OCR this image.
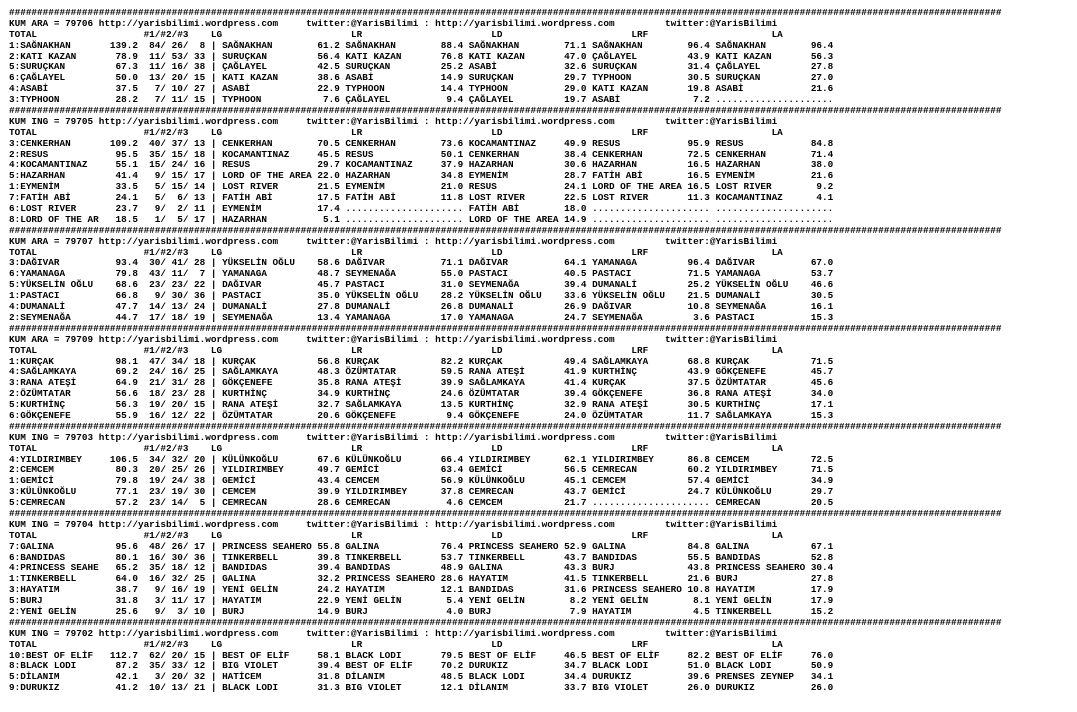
#################################################################################################################################################################################
KUM ARA = 79706 http://yarisbilimi.wordpress.com     twitter:@YarisBilimi : http://yarisbilimi.wordpress.com         twitter:@YarisBilimi
TOTAL                   #1/#2/#3    LG                       LR                       LD                       LRF                      LA
1:SAĞNAKHAN       139.2  84/ 26/  8 | SAĞNAKHAN        61.2 SAĞNAKHAN        88.4 SAĞNAKHAN        71.1 SAĞNAKHAN        96.4 SAĞNAKHAN        96.4
2:KATI KAZAN       78.9  11/ 53/ 33 | SURUÇKAN         56.4 KATI KAZAN       76.8 KATI KAZAN       47.0 ÇAĞLAYEL         43.9 KATI KAZAN       56.3
5:SURUÇKAN         67.3  11/ 16/ 38 | ÇAĞLAYEL         42.5 SURUÇKAN         25.2 ASABİ            32.6 SURUÇKAN         31.4 ÇAĞLAYEL         27.8
6:ÇAĞLAYEL         50.0  13/ 20/ 15 | KATI KAZAN       38.6 ASABİ            14.9 SURUÇKAN         29.7 TYPHOON          30.5 SURUÇKAN         27.0
4:ASABİ            37.5   7/ 10/ 27 | ASABİ            22.9 TYPHOON          14.4 TYPHOON          29.0 KATI KAZAN       19.8 ASABİ            21.6
3:TYPHOON          28.2   7/ 11/ 15 | TYPHOON           7.6 ÇAĞLAYEL          9.4 ÇAĞLAYEL         19.7 ASABİ             7.2 .....................
#################################################################################################################################################################################
KUM ING = 79705 http://yarisbilimi.wordpress.com     twitter:@YarisBilimi : http://yarisbilimi.wordpress.com         twitter:@YarisBilimi
TOTAL                   #1/#2/#3    LG                       LR                       LD                       LRF                      LA
3:CENKERHAN       109.2  40/ 37/ 13 | CENKERHAN        70.5 CENKERHAN        73.6 KOCAMANTINAZ     49.9 RESUS            95.9 RESUS            84.8
2:RESUS            95.5  35/ 15/ 18 | KOCAMANTINAZ     45.5 RESUS            50.1 CENKERHAN        38.4 CENKERHAN        72.5 CENKERHAN        71.4
4:KOCAMANTINAZ     55.1  15/ 24/ 16 | RESUS            29.7 KOCAMANTINAZ     37.9 HAZARHAN         30.6 HAZARHAN         16.5 HAZARHAN         38.0
5:HAZARHAN         41.4   9/ 15/ 17 | LORD OF THE AREA 22.0 HAZARHAN         34.8 EYMENİM          28.7 FATİH ABİ        16.5 EYMENİM          21.6
1:EYMENİM          33.5   5/ 15/ 14 | LOST RIVER       21.5 EYMENİM          21.0 RESUS            24.1 LORD OF THE AREA 16.5 LOST RIVER        9.2
7:FATİH ABİ        24.1   5/  6/ 13 | FATİH ABİ        17.5 FATİH ABİ        11.8 LOST RIVER       22.5 LOST RIVER       11.3 KOCAMANTINAZ      4.1
6:LOST RIVER       23.7   9/  2/ 11 | EYMENİM          17.4 ..................... FATİH ABİ        18.0 ..................... .....................
8:LORD OF THE AR   18.5   1/  5/ 17 | HAZARHAN          5.1 ..................... LORD OF THE AREA 14.9 ..................... .....................
#################################################################################################################################################################################
KUM ARA = 79707 http://yarisbilimi.wordpress.com     twitter:@YarisBilimi : http://yarisbilimi.wordpress.com         twitter:@YarisBilimi
TOTAL                   #1/#2/#3    LG                       LR                       LD                       LRF                      LA
3:DAĞIVAR          93.4  30/ 41/ 28 | YÜKSELİN OĞLU    58.6 DAĞIVAR          71.1 DAĞIVAR          64.1 YAMANAGA         96.4 DAĞIVAR          67.0
6:YAMANAGA         79.8  43/ 11/  7 | YAMANAGA         48.7 SEYMENAĞA        55.0 PASTACI          40.5 PASTACI          71.5 YAMANAGA         53.7
5:YÜKSELİN OĞLU    68.6  23/ 23/ 22 | DAĞIVAR          45.7 PASTACI          31.0 SEYMENAĞA        39.4 DUMANALİ         25.2 YÜKSELİN OĞLU    46.6
1:PASTACI          66.8   9/ 30/ 36 | PASTACI          35.0 YÜKSELİN OĞLU    28.2 YÜKSELİN OĞLU    33.6 YÜKSELİN OĞLU    21.5 DUMANALİ         30.5
4:DUMANALİ         47.7  14/ 13/ 24 | DUMANALİ         27.8 DUMANALİ         26.8 DUMANALİ         26.9 DAĞIVAR          10.8 SEYMENAĞA        16.1
2:SEYMENAĞA        44.7  17/ 18/ 19 | SEYMENAĞA        13.4 YAMANAGA         17.0 YAMANAGA         24.7 SEYMENAĞA         3.6 PASTACI          15.3
#################################################################################################################################################################################
KUM ARA = 79709 http://yarisbilimi.wordpress.com     twitter:@YarisBilimi : http://yarisbilimi.wordpress.com         twitter:@YarisBilimi
TOTAL                   #1/#2/#3    LG                       LR                       LD                       LRF                      LA
1:KURÇAK           98.1  47/ 34/ 18 | KURÇAK           56.8 KURÇAK           82.2 KURÇAK           49.4 SAĞLAMKAYA       68.8 KURÇAK           71.5
4:SAĞLAMKAYA       69.2  24/ 16/ 25 | SAĞLAMKAYA       48.3 ÖZÜMTATAR        59.5 RANA ATEŞİ       41.9 KURTHİNÇ         43.9 GÖKÇENEFE        45.7
3:RANA ATEŞİ       64.9  21/ 31/ 28 | GÖKÇENEFE        35.8 RANA ATEŞİ       39.9 SAĞLAMKAYA       41.4 KURÇAK           37.5 ÖZÜMTATAR        45.6
2:ÖZÜMTATAR        56.6  18/ 23/ 28 | KURTHİNÇ         34.9 KURTHİNÇ         24.6 ÖZÜMTATAR        39.4 GÖKÇENEFE        36.8 RANA ATEŞİ       34.0
5:KURTHİNÇ         56.3  19/ 20/ 15 | RANA ATEŞİ       32.7 SAĞLAMKAYA       13.5 KURTHİNÇ         32.9 RANA ATEŞİ       30.5 KURTHİNÇ         17.1
6:GÖKÇENEFE        55.9  16/ 12/ 22 | ÖZÜMTATAR        20.6 GÖKÇENEFE         9.4 GÖKÇENEFE        24.0 ÖZÜMTATAR        11.7 SAĞLAMKAYA       15.3
#################################################################################################################################################################################
KUM ING = 79703 http://yarisbilimi.wordpress.com     twitter:@YarisBilimi : http://yarisbilimi.wordpress.com         twitter:@YarisBilimi
TOTAL                   #1/#2/#3    LG                       LR                       LD                       LRF                      LA
4:YILDIRIMBEY     106.5  34/ 32/ 20 | KÜLÜNKOĞLU       67.6 KÜLÜNKOĞLU       66.4 YILDIRIMBEY      62.1 YILDIRIMBEY      86.8 CEMCEM           72.5
2:CEMCEM           80.3  20/ 25/ 26 | YILDIRIMBEY      49.7 GEMİCİ           63.4 GEMİCİ           56.5 CEMRECAN         60.2 YILDIRIMBEY      71.5
1:GEMİCİ           79.8  19/ 24/ 38 | GEMİCİ           43.4 CEMCEM           56.9 KÜLÜNKOĞLU       45.1 CEMCEM           57.4 GEMİCİ           34.9
3:KÜLÜNKOĞLU       77.1  23/ 19/ 30 | CEMCEM           39.9 YILDIRIMBEY      37.8 CEMRECAN         43.7 GEMİCİ           24.7 KÜLÜNKOĞLU       29.7
5:CEMRECAN         57.2  23/ 14/  5 | CEMRECAN         28.6 CEMRECAN          4.6 CEMCEM           21.7 ..................... CEMRECAN         20.5
#################################################################################################################################################################################
KUM ING = 79704 http://yarisbilimi.wordpress.com     twitter:@YarisBilimi : http://yarisbilimi.wordpress.com         twitter:@YarisBilimi
TOTAL                   #1/#2/#3    LG                       LR                       LD                       LRF                      LA
7:GALINA           95.6  48/ 26/ 17 | PRINCESS SEAHERO 55.8 GALINA           76.4 PRINCESS SEAHERO 52.9 GALINA           84.8 GALINA           67.1
6:BANDIDAS         80.1  16/ 30/ 36 | TINKERBELL       39.8 TINKERBELL       53.7 TINKERBELL       43.7 BANDIDAS         55.5 BANDIDAS         52.8
4:PRINCESS SEAHE   65.2  35/ 18/ 12 | BANDIDAS         39.4 BANDIDAS         48.9 GALINA           43.3 BURJ             43.8 PRINCESS SEAHERO 30.4
1:TINKERBELL       64.0  16/ 32/ 25 | GALINA           32.2 PRINCESS SEAHERO 28.6 HAYATIM          41.5 TINKERBELL       21.6 BURJ             27.8
3:HAYATIM          38.7   9/ 16/ 19 | YENİ GELİN       24.2 HAYATIM          12.1 BANDIDAS         31.6 PRINCESS SEAHERO 10.8 HAYATIM          17.9
5:BURJ             31.8   3/ 11/ 17 | HAYATIM          22.9 YENİ GELİN        5.4 YENİ GELİN        8.2 YENİ GELİN        8.1 YENİ GELİN       17.9
2:YENİ GELİN       25.6   9/  3/ 10 | BURJ             14.9 BURJ              4.0 BURJ              7.9 HAYATIM           4.5 TINKERBELL       15.2
#################################################################################################################################################################################
KUM ING = 79702 http://yarisbilimi.wordpress.com     twitter:@YarisBilimi : http://yarisbilimi.wordpress.com         twitter:@YarisBilimi
TOTAL                   #1/#2/#3    LG                       LR                       LD                       LRF                      LA
10:BEST OF ELİF   112.7  62/ 20/ 15 | BEST OF ELİF     58.1 BLACK LODI       79.5 BEST OF ELİF     46.5 BEST OF ELİF     82.2 BEST OF ELİF     76.0
8:BLACK LODI       87.2  35/ 33/ 12 | BIG VIOLET       39.4 BEST OF ELİF     70.2 DURUKIZ          34.7 BLACK LODI       51.0 BLACK LODI       50.9
5:DİLANIM          42.1   3/ 20/ 32 | HATİCEM          31.8 DİLANIM          48.5 BLACK LODI       34.4 DURUKIZ          39.6 PRENSES ZEYNEP   34.1
9:DURUKIZ          41.2  10/ 13/ 21 | BLACK LODI       31.3 BIG VIOLET       12.1 DİLANIM          33.7 BIG VIOLET       26.0 DURUKIZ          26.0
